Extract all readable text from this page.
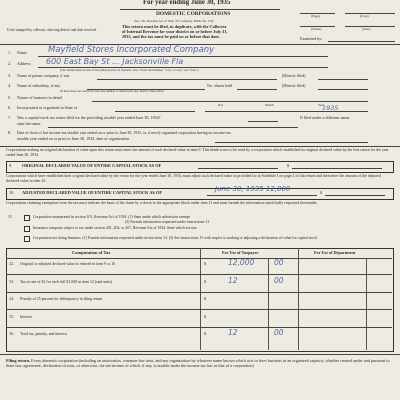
For year ending June 30, 1935
DOMESTIC CORPORATIONS
(Sec. 701, Revenue Act of 1934, 701 Company, Public No. 216)
This return must be filed, in duplicate, with the Collector
of Internal Revenue for your district on or before July 31,
1935, and the tax must be paid on or before that date.
To be stamped by collector, showing district and date received
(Page)	(Line)
(Name)	(Year)
Examined by:
1. Name Mayfield Stores Incorporated Company
2. Address 600 East Bay St ... Jacksonville Fla
(The address must be that of the principal place of business. Give "Street and number," "City or town," and "State")
3. Name of parent company, if any	(District filed)
4. Name of subsidiary, if any	No. shares held	(District filed)
(If more than one, attach list and state number of shares held; also district where filed)
5. Nature of business in detail
6. Incorporated or organized in State of	Day	Month	Year
1935
7. Was a capital-stock tax return filed for the preceding taxable year ended June 30, 1934?	If filed under a different name,
state the name
8. Date of close of last income-tax taxable year ended on or prior to June 30, 1935, or, if newly organized corporation having no income-tax
taxable year ended on or prior to June 30, 1935, date of organization
Corporations making an original declaration of value upon this return must enter the amount of such declared value in item 9. This blank is not to be used by a corporation which established its original declared value by the first return for the year ended June 30, 1934.
9. ORIGINAL DECLARED VALUE OF ENTIRE CAPITAL STOCK AS OF	$
Corporations which have established their original declared value by the return for the year ended June 30, 1934, must adjust such declared value as provided for in Schedule I on page 2 of this return and then enter the amount of the adjusted declared value in item 10.
10. ADJUSTED DECLARED VALUE OF ENTIRE CAPITAL STOCK AS OF	June 30, 1935 12,000	$
Corporations claiming exemption from the tax must indicate the basis of the claim by a check to the appropriate block under item 11 and must furnish the information specifically requested thereunder.
11.	Corporation enumerated in section 101, Revenue Act of 1934. (1) State under which subsection exempt
(2) Furnish information requested under instructions 11.
Insurance company subject to tax under section 201, 204, or 207, Revenue Act of 1934. State which section
Corporation not doing business. (1) Furnish information requested under instructions 14. (2) See instructions 15 with respect to making or adjusting a declaration of value for capital stock.
Computation of Tax	For Use of Taxpayer	For Use of Department
12. Original or adjusted declared value as entered in item 9 or 10	$	12,000	00
13. Tax at rate of $1 for each full $1,000 in item 12 (said units)	$	12	00
14. Penalty of 25 percent for delinquency in filing return	$
15. Interest	$
16. Total tax, penalty, and interest	$	12	00
Filing return. Every domestic corporation (including an association, common-law trust, and any organization by whatever name known which acts or does business in an organized capacity, whether created under and pursuant to State law, agreement, declaration of trust, or otherwise, the net income of which, if any, is taxable under the income tax law as that of a corporation)
